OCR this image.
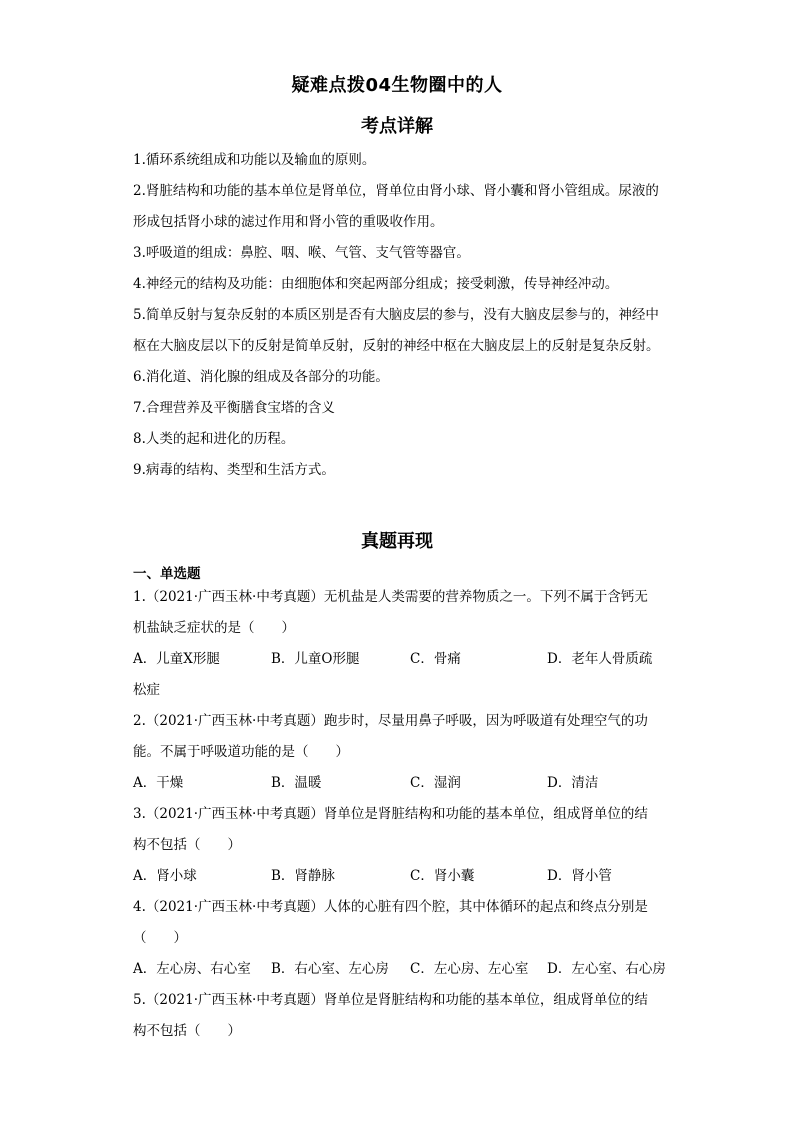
疑难点拨04生物圈中的人
考点详解

1.循环系统组成和功能以及输血的原则。

2.肾脏结构和功能的基本单位是肾单位，肾单位由肾小球、肾小囊和肾小管组成。尿液的形成包括肾小球的滤过作用和肾小管的重吸收作用。

3.呼吸道的组成：鼻腔、咽、喉、气管、支气管等器官。

4.神经元的结构及功能：由细胞体和突起两部分组成；接受刺激，传导神经冲动。

5.简单反射与复杂反射的本质区别是否有大脑皮层的参与，没有大脑皮层参与的，神经中枢在大脑皮层以下的反射是简单反射，反射的神经中枢在大脑皮层上的反射是复杂反射。

6.消化道、消化腺的组成及各部分的功能。

7.合理营养及平衡膳食宝塔的含义

8.人类的起和进化的历程。

9.病毒的结构、类型和生活方式。

真题再现
一、单选题
1.（2021·广西玉林·中考真题）无机盐是人类需要的营养物质之一。下列不属于含钙无机盐缺乏症状的是（　　）
A．儿童X形腿	B．儿童O形腿	C．骨痛	D．老年人骨质疏
松症
2.（2021·广西玉林·中考真题）跑步时，尽量用鼻子呼吸，因为呼吸道有处理空气的功能。不属于呼吸道功能的是（　　）
A．干燥	B．温暖	C．湿润	D．清洁
3.（2021·广西玉林·中考真题）肾单位是肾脏结构和功能的基本单位，组成肾单位的结构不包括（　　）
A．肾小球	B．肾静脉	C．肾小囊	D．肾小管
4.（2021·广西玉林·中考真题）人体的心脏有四个腔，其中体循环的起点和终点分别是（　　）
A．左心房、右心室 B．右心室、左心房 C．左心房、左心室 D．左心室、右心房
5.（2021·广西玉林·中考真题）肾单位是肾脏结构和功能的基本单位，组成肾单位的结构不包括（　　）
